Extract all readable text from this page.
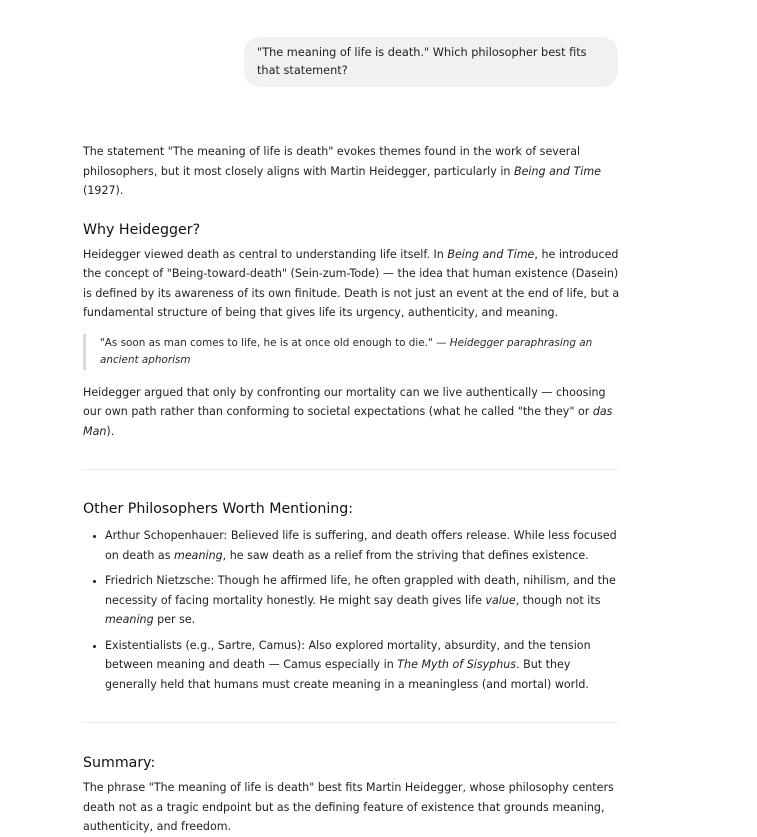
"The meaning of life is death." Which philosopher best fits that statement?

The statement "The meaning of life is death" evokes themes found in the work of several philosophers, but it most closely aligns with Martin Heidegger, particularly in Being and Time (1927).

Why Heidegger?

Heidegger viewed death as central to understanding life itself. In Being and Time, he introduced the concept of "Being-toward-death" (Sein-zum-Tode) — the idea that human existence (Dasein) is defined by its awareness of its own finitude. Death is not just an event at the end of life, but a fundamental structure of being that gives life its urgency, authenticity, and meaning.

"As soon as man comes to life, he is at once old enough to die." — Heidegger paraphrasing an ancient aphorism

Heidegger argued that only by confronting our mortality can we live authentically — choosing our own path rather than conforming to societal expectations (what he called "the they" or das Man).

Other Philosophers Worth Mentioning:
• Arthur Schopenhauer: Believed life is suffering, and death offers release. While less focused on death as meaning, he saw death as a relief from the striving that defines existence.
• Friedrich Nietzsche: Though he affirmed life, he often grappled with death, nihilism, and the necessity of facing mortality honestly. He might say death gives life value, though not its meaning per se.
• Existentialists (e.g., Sartre, Camus): Also explored mortality, absurdity, and the tension between meaning and death — Camus especially in The Myth of Sisyphus. But they generally held that humans must create meaning in a meaningless (and mortal) world.
Summary:

The phrase "The meaning of life is death" best fits Martin Heidegger, whose philosophy centers death not as a tragic endpoint but as the defining feature of existence that grounds meaning, authenticity, and freedom.
